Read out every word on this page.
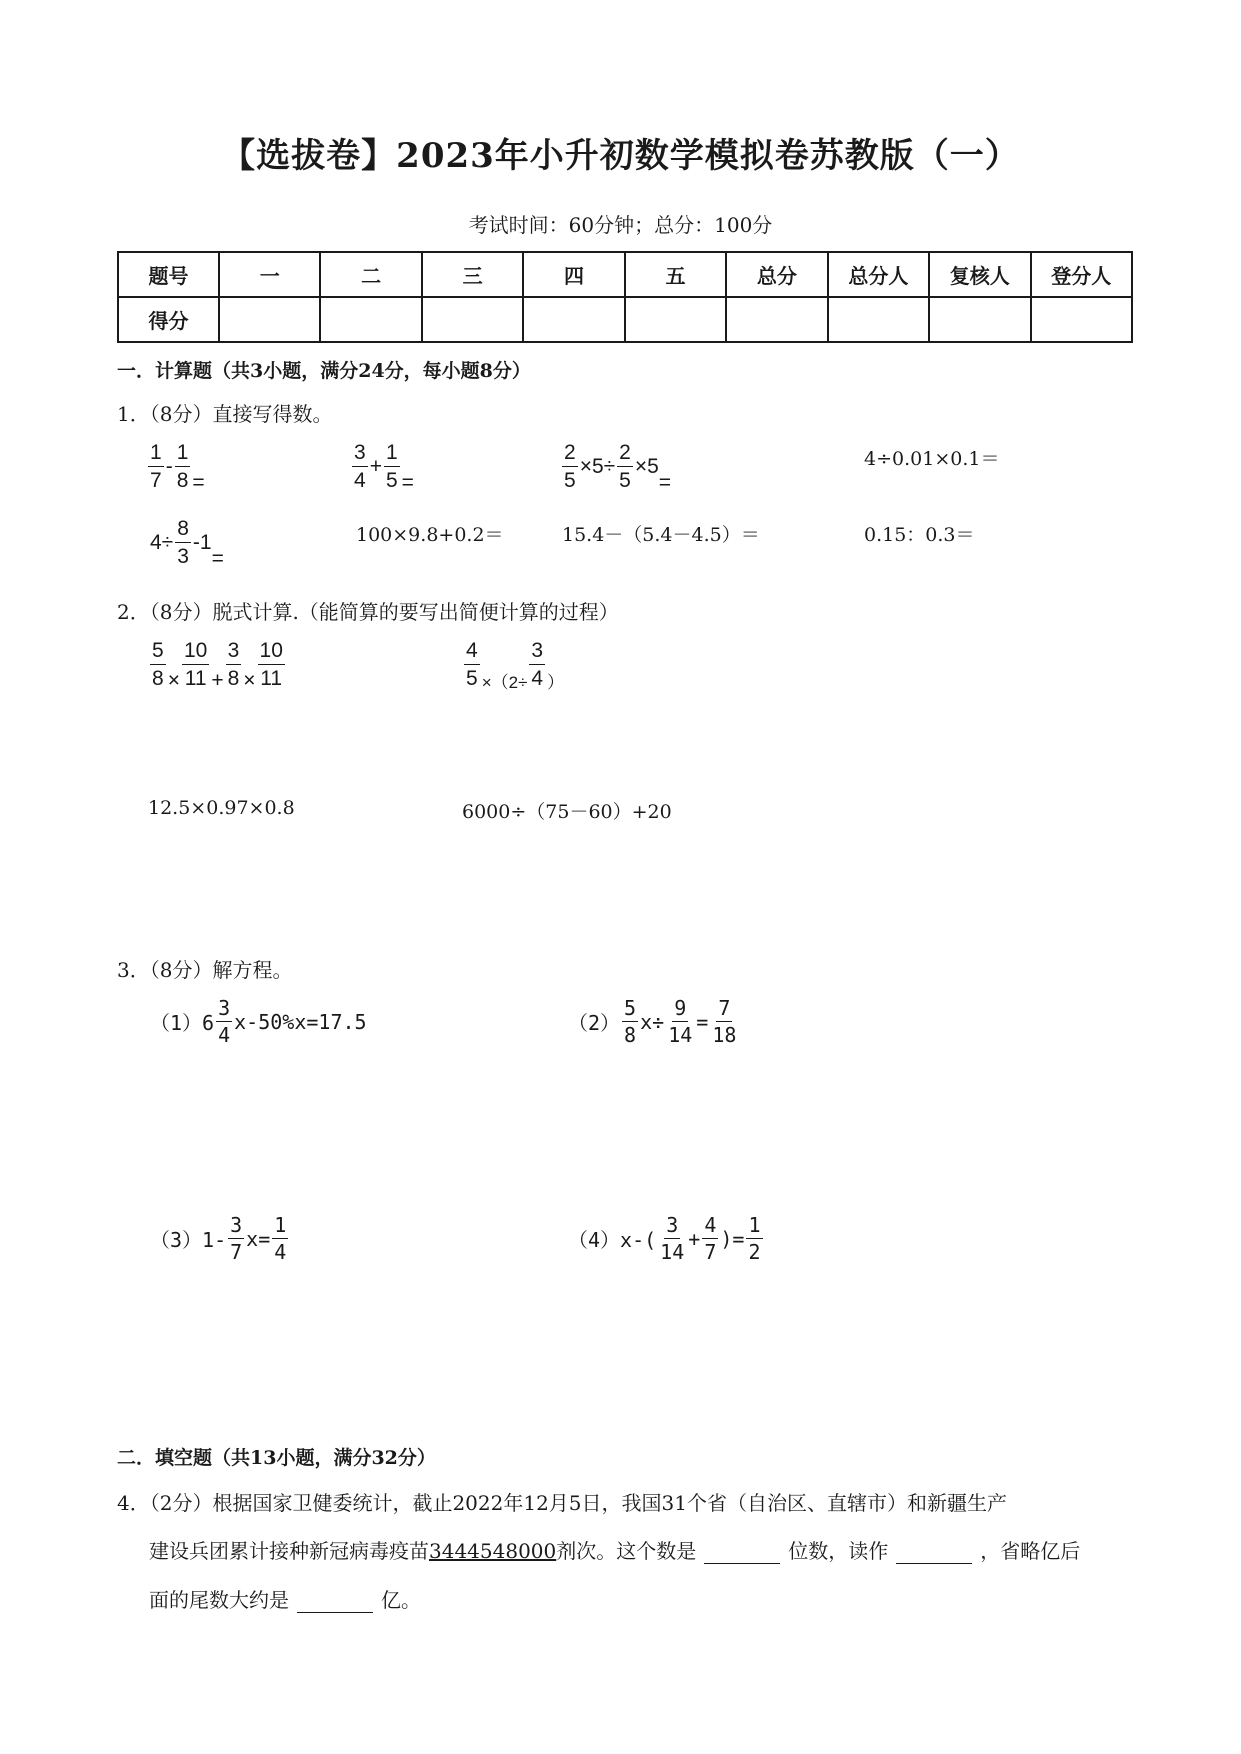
【选拔卷】2023年小升初数学模拟卷苏教版（一）
考试时间：60分钟；总分：100分
题号	一	二	三	四	五	总分	总分人	复核人	登分人
得分									
一．计算题（共3小题，满分24分，每小题8分）
1．（8分）直接写得数。
$\frac{1}{7} - \frac{1}{8}$ =	$\frac{3}{4} + \frac{1}{5}$ =	$\frac{2}{5} \times 5\div \frac{2}{5} \times 5$
=
4÷0.01×0.1＝
$4\div \frac{8}{3} -1$
=
100×9.8+0.2＝	15.4－（5.4－4.5）＝	0.15：0.3＝
2．（8分）脱式计算.（能简算的要写出简便计算的过程）
$\frac{5}{8} \times \frac{10}{11} + \frac{3}{8} \times \frac{10}{11}$	$\frac{4}{5} \times(2\div \frac{3}{4}$ ）
12.5×0.97×0.8	6000÷（75－60）+20
3．（8分）解方程。
$(1)6 \frac{3}{4} x-50\%x=17.5$	$(2) \frac{5}{8} x\div \frac{9}{14} = \frac{7}{18}$
$(3)1- \frac{3}{7} x= \frac{1}{4}$	$(4)x-( \frac{3}{14} + \frac{4}{7}$ )= $\frac{1}{2}$
二．填空题（共13小题，满分32分）
4．（2分）根据国家卫健委统计，截止2022年12月5日，我国31个省（自治区、直辖市）和新疆生产
建设兵团累计接种新冠病毒疫苗3444548000剂次。这个数是	位数，读作	，省略亿后
面的尾数大约是	亿。
